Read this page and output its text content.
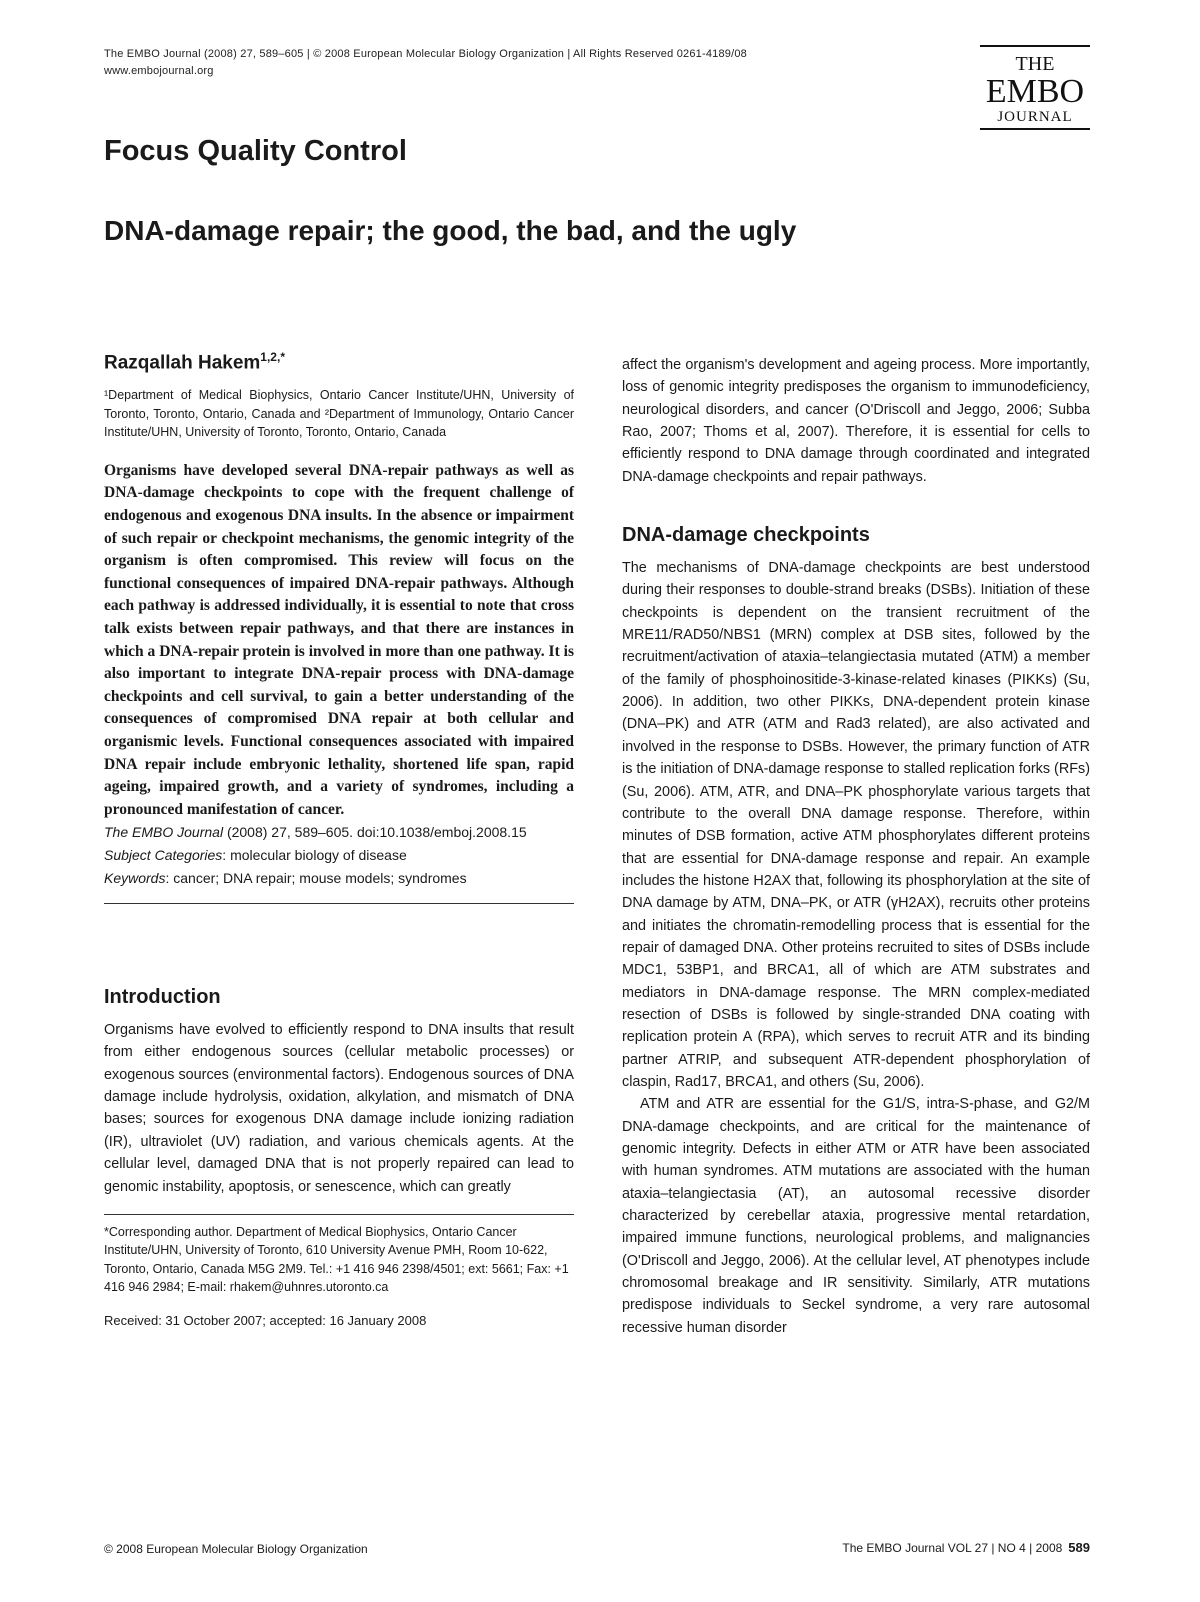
The EMBO Journal (2008) 27, 589–605 | © 2008 European Molecular Biology Organization | All Rights Reserved 0261-4189/08
www.embojournal.org	THE
EMBO
JOURNAL
Focus Quality Control
DNA-damage repair; the good, the bad, and the ugly
Razqallah Hakem$^{1,2,*}$
¹Department of Medical Biophysics, Ontario Cancer Institute/UHN, University of Toronto, Toronto, Ontario, Canada and ²Department of Immunology, Ontario Cancer Institute/UHN, University of Toronto, Toronto, Ontario, Canada
Organisms have developed several DNA-repair pathways as well as DNA-damage checkpoints to cope with the frequent challenge of endogenous and exogenous DNA insults. In the absence or impairment of such repair or checkpoint mechanisms, the genomic integrity of the organism is often compromised. This review will focus on the functional consequences of impaired DNA-repair pathways. Although each pathway is addressed individually, it is essential to note that cross talk exists between repair pathways, and that there are instances in which a DNA-repair protein is involved in more than one pathway. It is also important to integrate DNA-repair process with DNA-damage checkpoints and cell survival, to gain a better understanding of the consequences of compromised DNA repair at both cellular and organismic levels. Functional consequences associated with impaired DNA repair include embryonic lethality, shortened life span, rapid ageing, impaired growth, and a variety of syndromes, including a pronounced manifestation of cancer.
The EMBO Journal (2008) 27, 589–605. doi:10.1038/emboj.2008.15
Subject Categories: molecular biology of disease
Keywords: cancer; DNA repair; mouse models; syndromes
Introduction

Organisms have evolved to efficiently respond to DNA insults that result from either endogenous sources (cellular metabolic processes) or exogenous sources (environmental factors). Endogenous sources of DNA damage include hydrolysis, oxidation, alkylation, and mismatch of DNA bases; sources for exogenous DNA damage include ionizing radiation (IR), ultraviolet (UV) radiation, and various chemicals agents. At the cellular level, damaged DNA that is not properly repaired can lead to genomic instability, apoptosis, or senescence, which can greatly

*Corresponding author. Department of Medical Biophysics, Ontario Cancer Institute/UHN, University of Toronto, 610 University Avenue PMH, Room 10-622, Toronto, Ontario, Canada M5G 2M9. Tel.: +1 416 946 2398/4501; ext: 5661; Fax: +1 416 946 2984; E-mail: rhakem@uhnres.utoronto.ca
Received: 31 October 2007; accepted: 16 January 2008

affect the organism's development and ageing process. More importantly, loss of genomic integrity predisposes the organism to immunodeficiency, neurological disorders, and cancer (O'Driscoll and Jeggo, 2006; Subba Rao, 2007; Thoms et al, 2007). Therefore, it is essential for cells to efficiently respond to DNA damage through coordinated and integrated DNA-damage checkpoints and repair pathways.

DNA-damage checkpoints

The mechanisms of DNA-damage checkpoints are best understood during their responses to double-strand breaks (DSBs). Initiation of these checkpoints is dependent on the transient recruitment of the MRE11/RAD50/NBS1 (MRN) complex at DSB sites, followed by the recruitment/activation of ataxia–telangiectasia mutated (ATM) a member of the family of phosphoinositide-3-kinase-related kinases (PIKKs) (Su, 2006). In addition, two other PIKKs, DNA-dependent protein kinase (DNA–PK) and ATR (ATM and Rad3 related), are also activated and involved in the response to DSBs. However, the primary function of ATR is the initiation of DNA-damage response to stalled replication forks (RFs) (Su, 2006). ATM, ATR, and DNA–PK phosphorylate various targets that contribute to the overall DNA damage response. Therefore, within minutes of DSB formation, active ATM phosphorylates different proteins that are essential for DNA-damage response and repair. An example includes the histone H2AX that, following its phosphorylation at the site of DNA damage by ATM, DNA–PK, or ATR (γH2AX), recruits other proteins and initiates the chromatin-remodelling process that is essential for the repair of damaged DNA. Other proteins recruited to sites of DSBs include MDC1, 53BP1, and BRCA1, all of which are ATM substrates and mediators in DNA-damage response. The MRN complex-mediated resection of DSBs is followed by single-stranded DNA coating with replication protein A (RPA), which serves to recruit ATR and its binding partner ATRIP, and subsequent ATR-dependent phosphorylation of claspin, Rad17, BRCA1, and others (Su, 2006).

ATM and ATR are essential for the G1/S, intra-S-phase, and G2/M DNA-damage checkpoints, and are critical for the maintenance of genomic integrity. Defects in either ATM or ATR have been associated with human syndromes. ATM mutations are associated with the human ataxia–telangiectasia (AT), an autosomal recessive disorder characterized by cerebellar ataxia, progressive mental retardation, impaired immune functions, neurological problems, and malignancies (O'Driscoll and Jeggo, 2006). At the cellular level, AT phenotypes include chromosomal breakage and IR sensitivity. Similarly, ATR mutations predispose individuals to Seckel syndrome, a very rare autosomal recessive human disorder

© 2008 European Molecular Biology Organization	The EMBO Journal VOL 27 | NO 4 | 2008 589
